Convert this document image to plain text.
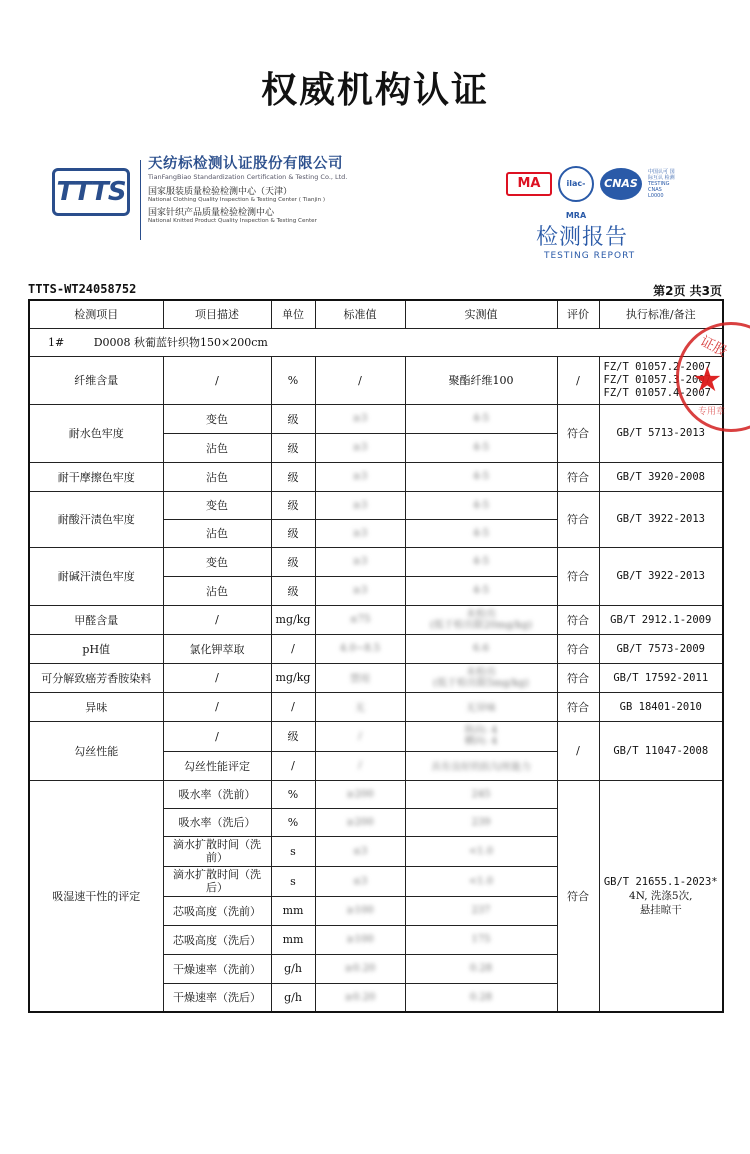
权威机构认证
TTTS
天纺标检测认证股份有限公司
TianFangBiao Standardization Certification & Testing Co., Ltd.
国家服装质量检验检测中心（天津）
National Clothing Quality Inspection & Testing Center ( Tianjin )
国家针织产品质量检验检测中心
National Knitted Product Quality Inspection & Testing Center
MA	ilac-MRA
CNAS
中国认可 国际互认 检测 TESTING CNAS L0000
检测报告
TESTING REPORT
TTTS-WT24058752	第2页 共3页
检测项目	项目描述	单位	标准值	实测值	评价	执行标准/备注
1# D0008 秋葡蓝针织物150×200cm						
纤维含量	/	%	/	聚酯纤维100	/	FZ/T 01057.2-2007
FZ/T 01057.3-2007
FZ/T 01057.4-2007

耐水色牢度	变色	级	≥3	4-5	符合	GB/T 5713-2013
	沾色	级	≥3	4-5		
耐干摩擦色牢度	沾色	级	≥3	4-5	符合	GB/T 3920-2008
耐酸汗渍色牢度	变色	级	≥3	4-5	符合	GB/T 3922-2013
	沾色	级	≥3	4-5		
耐碱汗渍色牢度	变色	级	≥3	4-5	符合	GB/T 3922-2013
	沾色	级	≥3	4-5		
甲醛含量	/	mg/kg	≤75	未检出
(低于检出限20mg/kg)	符合	GB/T 2912.1-2009
pH值	氯化钾萃取	/	4.0~8.5	6.6	符合	GB/T 7573-2009
可分解致癌芳香胺染料	/	mg/kg	禁用	未检出
(低于检出限5mg/kg)	符合	GB/T 17592-2011
异味	/	/	无	无异味	符合	GB 18401-2010
勾丝性能	/	级	/	纵向: 4
横向: 4	/	GB/T 11047-2008
	勾丝性能评定	/	/	具有良好的抗勾丝能力		
吸湿速干性的评定	吸水率（洗前）	%	≥200	245	符合	GB/T 21655.1-2023*
4N, 洗涤5次,
悬挂晾干

	吸水率（洗后）	%	≥200	239		
	滴水扩散时间（洗前）	s	≤3	<1.0		
	滴水扩散时间（洗后）	s	≤3	<1.0		
	芯吸高度（洗前）	mm	≥100	237		
	芯吸高度（洗后）	mm	≥100	175		
	干燥速率（洗前）	g/h	≥0.20	0.28		
	干燥速率（洗后）	g/h	≥0.20	0.28		
证股
★
专用章
